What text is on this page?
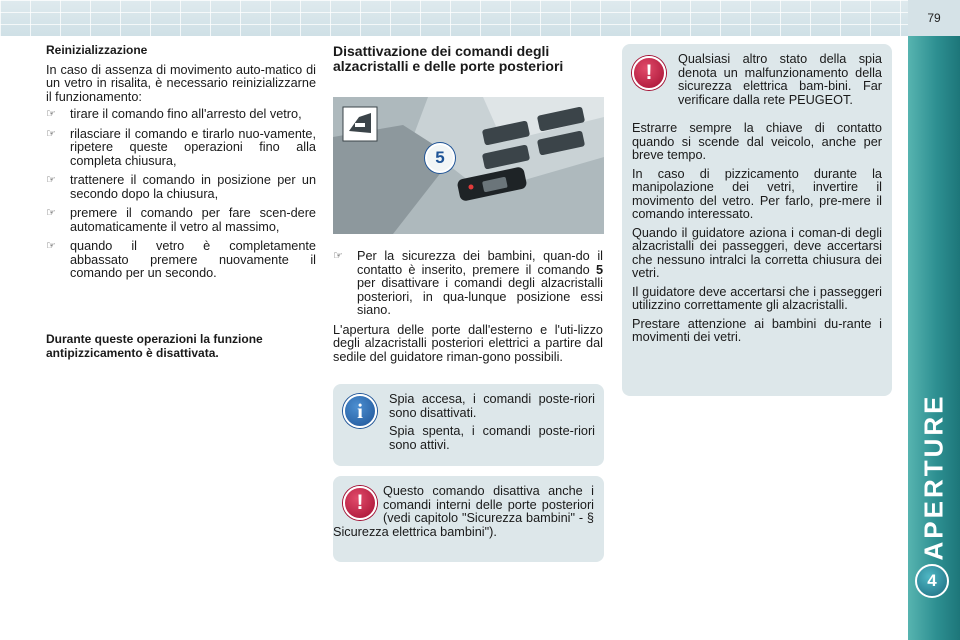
79
APERTURE
4
Reinizializzazione

In caso di assenza di movimento auto-matico di un vetro in risalita, è necessario reinizializzarne il funzionamento:

☞ tirare il comando fino all'arresto del vetro,
☞ rilasciare il comando e tirarlo nuo-vamente, ripetere queste operazioni fino alla completa chiusura,
☞ trattenere il comando in posizione per un secondo dopo la chiusura,
☞ premere il comando per fare scen-dere automaticamente il vetro al massimo,
☞ quando il vetro è completamente abbassato premere nuovamente il comando per un secondo.
Durante queste operazioni la funzione antipizzicamento è disattivata.
Disattivazione dei comandi degli alzacristalli e delle porte posteriori
5
☞ Per la sicurezza dei bambini, quan-do il contatto è inserito, premere il comando 5 per disattivare i comandi degli alzacristalli posteriori, in qua-lunque posizione essi siano.

L'apertura delle porte dall'esterno e l'uti-lizzo degli alzacristalli posteriori elettrici a partire dal sedile del guidatore riman-gono possibili.

i	Spia accesa, i comandi poste-riori sono disattivati.

Spia spenta, i comandi poste-riori sono attivi.

!	Questo comando disattiva anche i comandi interni delle porte posteriori (vedi capitolo "Sicurezza bambini" - § Sicurezza elettrica bambini").

!

Qualsiasi altro stato della spia denota un malfunzionamento della sicurezza elettrica bam-bini. Far verificare dalla rete PEUGEOT.

Estrarre sempre la chiave di contatto quando si scende dal veicolo, anche per breve tempo.

In caso di pizzicamento durante la manipolazione dei vetri, invertire il movimento del vetro. Per farlo, pre-mere il comando interessato.

Quando il guidatore aziona i coman-di degli alzacristalli dei passeggeri, deve accertarsi che nessuno intralci la corretta chiusura dei vetri.

Il guidatore deve accertarsi che i passeggeri utilizzino correttamente gli alzacristalli.

Prestare attenzione ai bambini du-rante i movimenti dei vetri.
